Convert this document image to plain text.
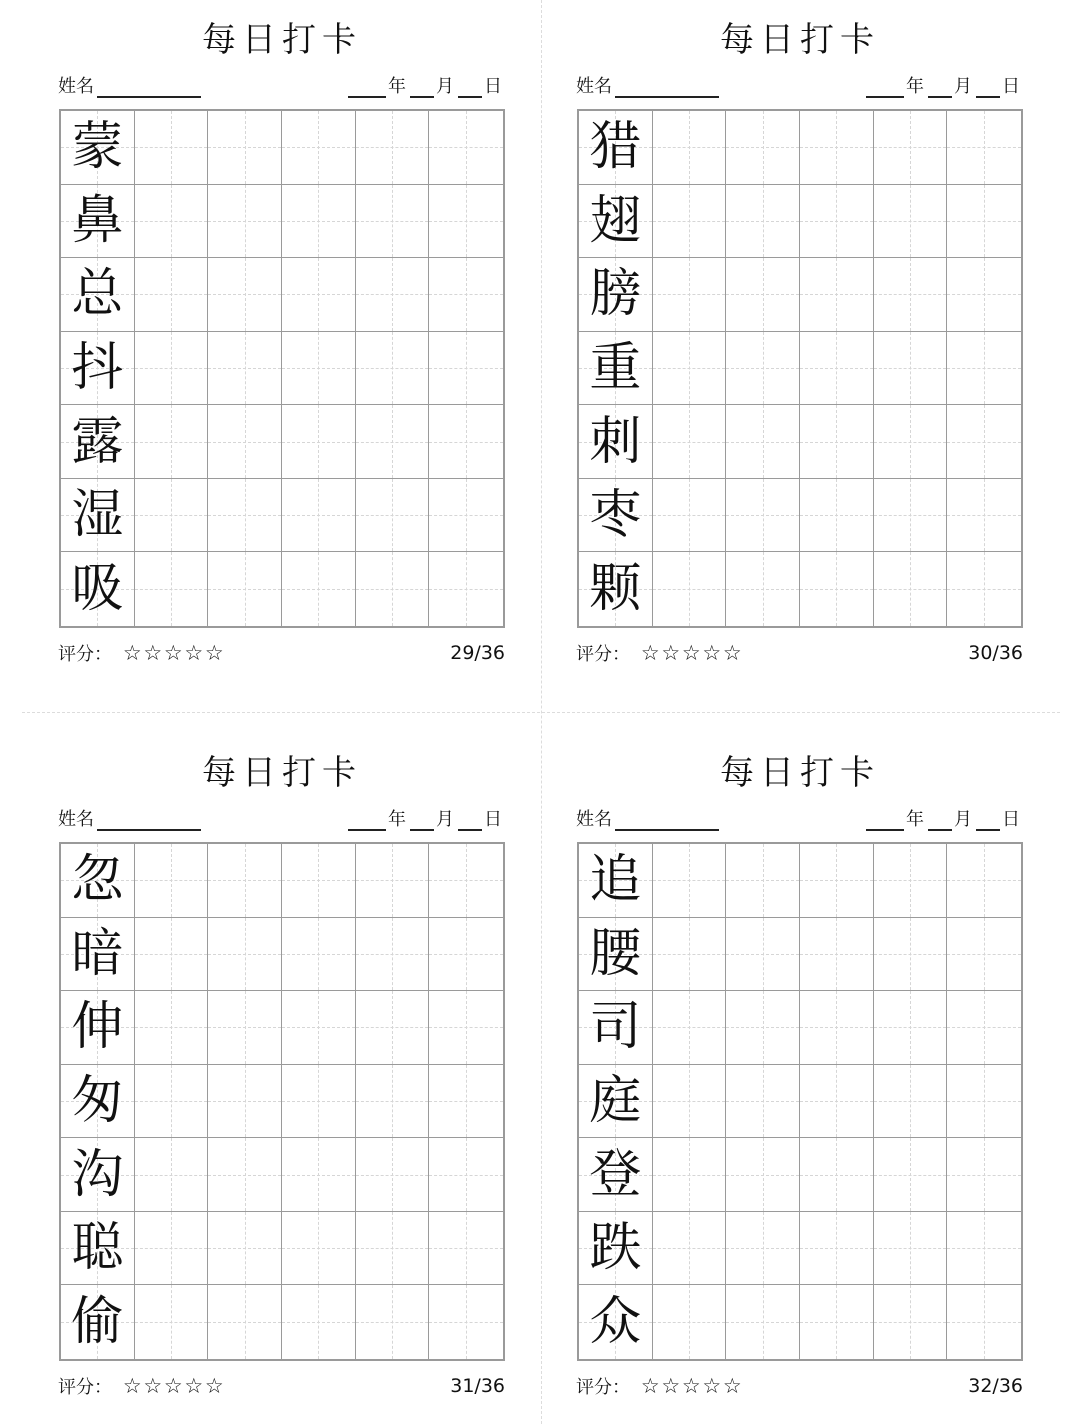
每日打卡
姓名	年 月 日
蒙
鼻
总
抖
露
湿
吸
评分： ☆ ☆ ☆ ☆ ☆	29/36
每日打卡
姓名	年 月 日
猎
翅
膀
重
刺
枣
颗
评分： ☆ ☆ ☆ ☆ ☆	30/36
每日打卡
姓名	年 月 日
忽
暗
伸
匆
沟
聪
偷
评分： ☆ ☆ ☆ ☆ ☆	31/36
每日打卡
姓名	年 月 日
追
腰
司
庭
登
跌
众
评分： ☆ ☆ ☆ ☆ ☆	32/36
